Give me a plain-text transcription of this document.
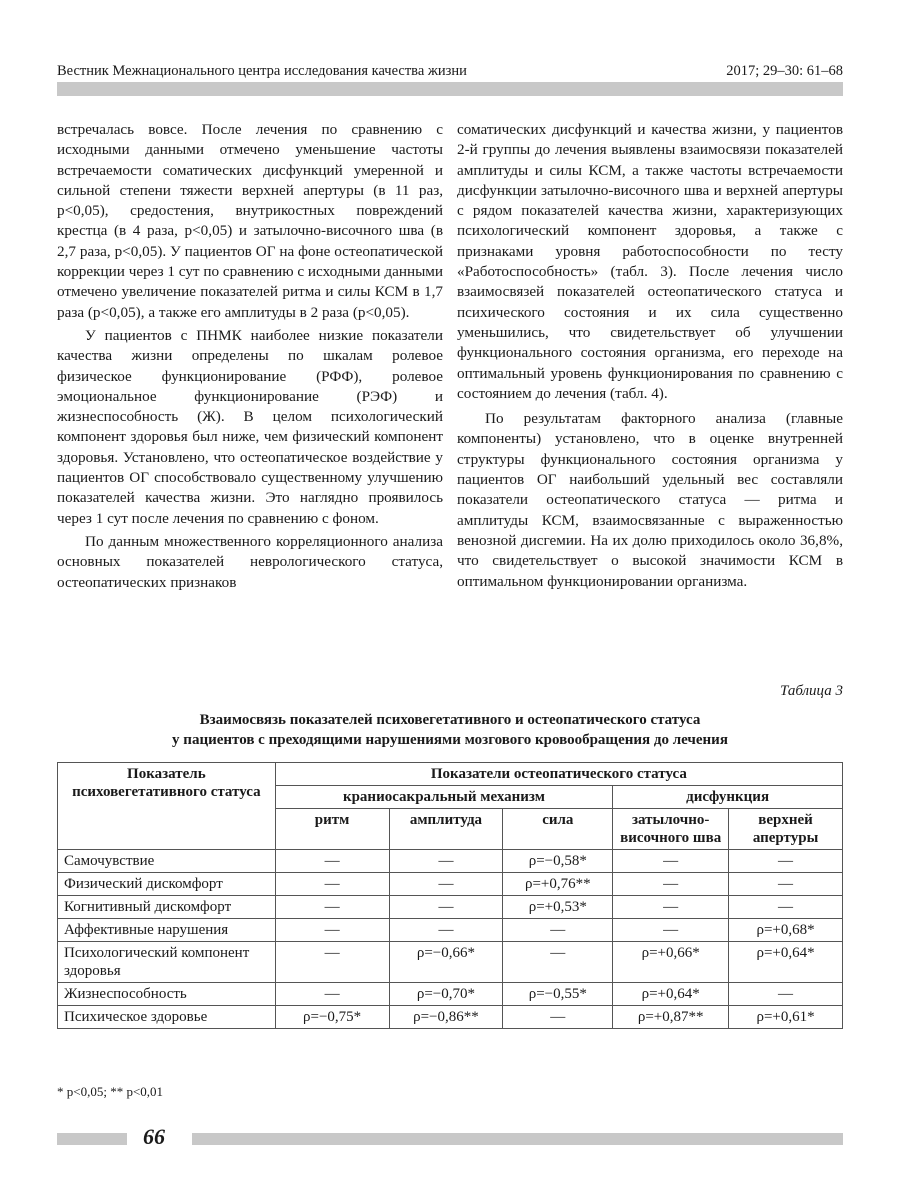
Вестник Межнационального центра исследования качества жизни	2017; 29–30: 61–68

встречалась вовсе. После лечения по сравнению с исходными данными отмечено уменьшение частоты встречаемости соматических дисфункций умеренной и сильной степени тяжести верхней апертуры (в 11 раз, p<0,05), средостения, внутрикостных повреждений крестца (в 4 раза, p<0,05) и затылочно-височного шва (в 2,7 раза, p<0,05). У пациентов ОГ на фоне остеопатической коррекции через 1 сут по сравнению с исходными данными отмечено увеличение показателей ритма и силы КСМ в 1,7 раза (p<0,05), а также его амплитуды в 2 раза (p<0,05).

У пациентов с ПНМК наиболее низкие показатели качества жизни определены по шкалам ролевое физическое функционирование (РФФ), ролевое эмоциональное функционирование (РЭФ) и жизнеспособность (Ж). В целом психологический компонент здоровья был ниже, чем физический компонент здоровья. Установлено, что остеопатическое воздействие у пациентов ОГ способствовало существенному улучшению показателей качества жизни. Это наглядно проявилось через 1 сут после лечения по сравнению с фоном.

По данным множественного корреляционного анализа основных показателей неврологического статуса, остеопатических признаков

соматических дисфункций и качества жизни, у пациентов 2-й группы до лечения выявлены взаимосвязи показателей амплитуды и силы КСМ, а также частоты встречаемости дисфункции затылочно-височного шва и верхней апертуры с рядом показателей качества жизни, характеризующих психологический компонент здоровья, а также с признаками уровня работоспособности по тесту «Работоспособность» (табл. 3). После лечения число взаимосвязей показателей остеопатического статуса и психического состояния и их сила существенно уменьшились, что свидетельствует об улучшении функционального состояния организма, его переходе на оптимальный уровень функционирования по сравнению с состоянием до лечения (табл. 4).

По результатам факторного анализа (главные компоненты) установлено, что в оценке внутренней структуры функционального состояния организма у пациентов ОГ наибольший удельный вес составляли показатели остеопатического статуса — ритма и амплитуды КСМ, взаимосвязанные с выраженностью венозной дисгемии. На их долю приходилось около 36,8%, что свидетельствует о высокой значимости КСМ в оптимальном функционировании организма.

Таблица 3
Взаимосвязь показателей психовегетативного и остеопатического статуса
у пациентов с преходящими нарушениями мозгового кровообращения до лечения
Показатель психовегетативного статуса	Показатели остеопатического статуса				
	краниосакральный механизм			дисфункция	
	ритм	амплитуда	сила	затылочно-височного шва	верхней апертуры
Самочувствие	—	—	ρ=−0,58*	—	—
Физический дискомфорт	—	—	ρ=+0,76**	—	—
Когнитивный дискомфорт	—	—	ρ=+0,53*	—	—
Аффективные нарушения	—	—	—	—	ρ=+0,68*
Психологический компонент здоровья	—	ρ=−0,66*	—	ρ=+0,66*	ρ=+0,64*
Жизнеспособность	—	ρ=−0,70*	ρ=−0,55*	ρ=+0,64*	—
Психическое здоровье	ρ=−0,75*	ρ=−0,86**	—	ρ=+0,87**	ρ=+0,61*
* p<0,05; ** p<0,01
66
